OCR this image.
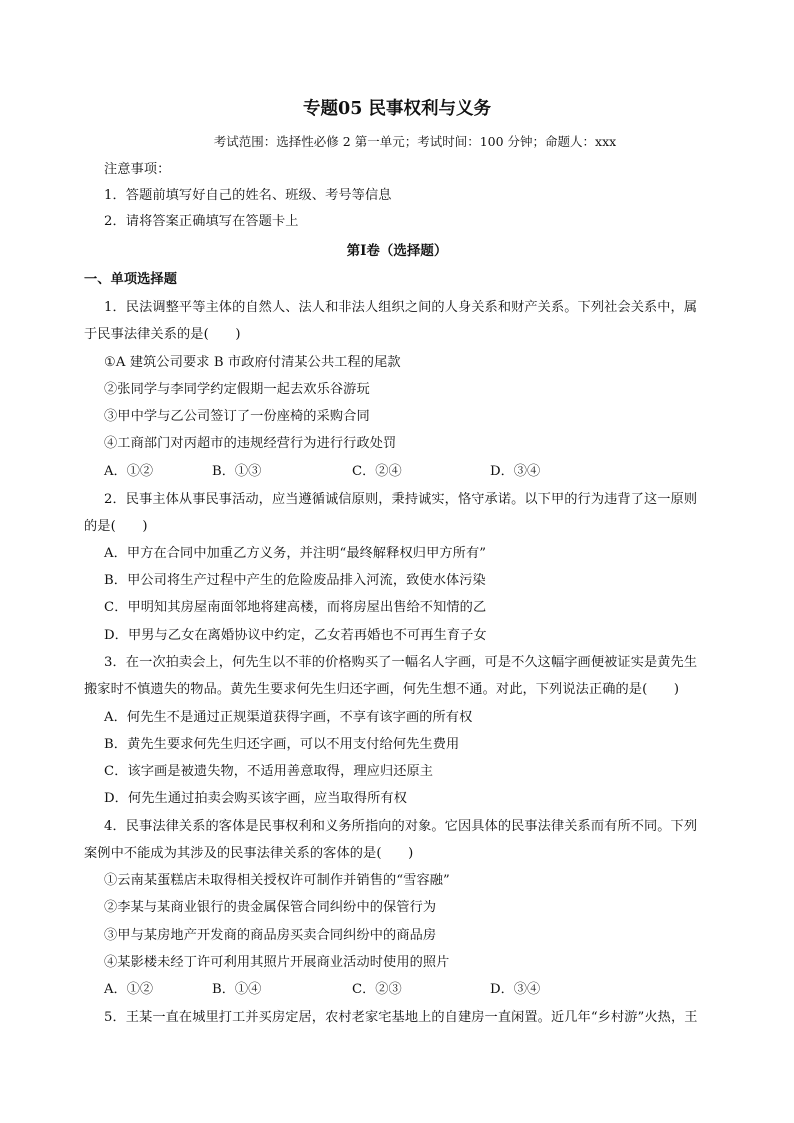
专题05 民事权利与义务
考试范围：选择性必修 2 第一单元；考试时间：100 分钟；命题人：xxx
注意事项：
1．答题前填写好自己的姓名、班级、考号等信息
2．请将答案正确填写在答题卡上
第I卷（选择题）
一、单项选择题
1．民法调整平等主体的自然人、法人和非法人组织之间的人身关系和财产关系。下列社会关系中，属
于民事法律关系的是(　　)
①A 建筑公司要求 B 市政府付清某公共工程的尾款
②张同学与李同学约定假期一起去欢乐谷游玩
③甲中学与乙公司签订了一份座椅的采购合同
④工商部门对丙超市的违规经营行为进行行政处罚
A．①②	B．①③	C．②④	D．③④
2．民事主体从事民事活动，应当遵循诚信原则，秉持诚实，恪守承诺。以下甲的行为违背了这一原则
的是(　　)
A．甲方在合同中加重乙方义务，并注明“最终解释权归甲方所有”
B．甲公司将生产过程中产生的危险废品排入河流，致使水体污染
C．甲明知其房屋南面邻地将建高楼，而将房屋出售给不知情的乙
D．甲男与乙女在离婚协议中约定，乙女若再婚也不可再生育子女
3．在一次拍卖会上，何先生以不菲的价格购买了一幅名人字画，可是不久这幅字画便被证实是黄先生
搬家时不慎遗失的物品。黄先生要求何先生归还字画，何先生想不通。对此，下列说法正确的是(　　)
A．何先生不是通过正规渠道获得字画，不享有该字画的所有权
B．黄先生要求何先生归还字画，可以不用支付给何先生费用
C．该字画是被遗失物，不适用善意取得，理应归还原主
D．何先生通过拍卖会购买该字画，应当取得所有权
4．民事法律关系的客体是民事权利和义务所指向的对象。它因具体的民事法律关系而有所不同。下列
案例中不能成为其涉及的民事法律关系的客体的是(　　)
①云南某蛋糕店未取得相关授权许可制作并销售的“雪容融”
②李某与某商业银行的贵金属保管合同纠纷中的保管行为
③甲与某房地产开发商的商品房买卖合同纠纷中的商品房
④某影楼未经丁许可利用其照片开展商业活动时使用的照片
A．①②	B．①④	C．②③	D．③④
5．王某一直在城里打工并买房定居，农村老家宅基地上的自建房一直闲置。近几年“乡村游”火热，王
